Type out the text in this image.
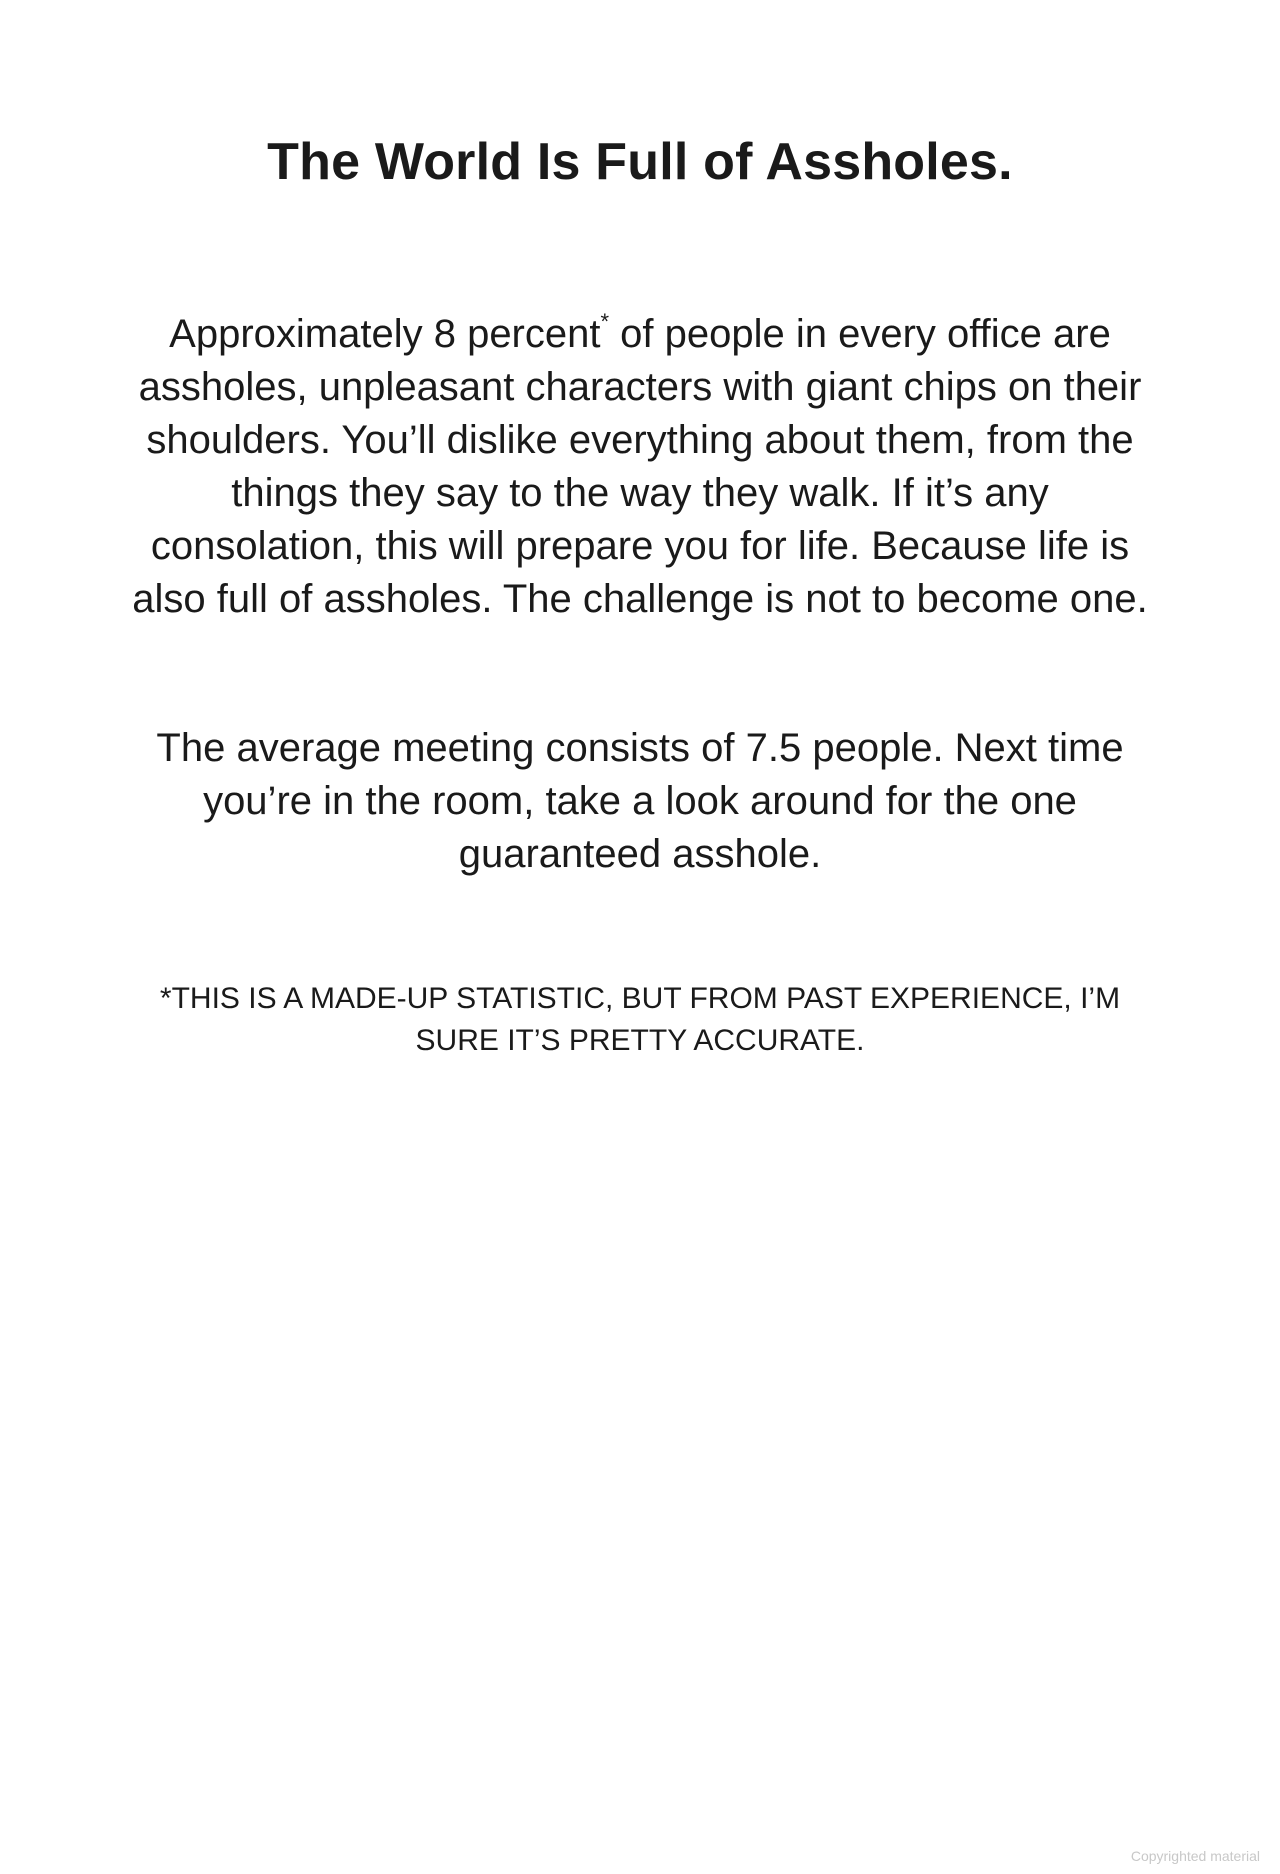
The World Is Full of Assholes.

Approximately 8 percent* of people in every office are assholes, unpleasant characters with giant chips on their shoulders. You’ll dislike everything about them, from the things they say to the way they walk. If it’s any consolation, this will prepare you for life. Because life is also full of assholes. The challenge is not to become one.

The average meeting consists of 7.5 people. Next time you’re in the room, take a look around for the one guaranteed asshole.

*THIS IS A MADE-UP STATISTIC, BUT FROM PAST EXPERIENCE, I’M SURE IT’S PRETTY ACCURATE.

Copyrighted material
